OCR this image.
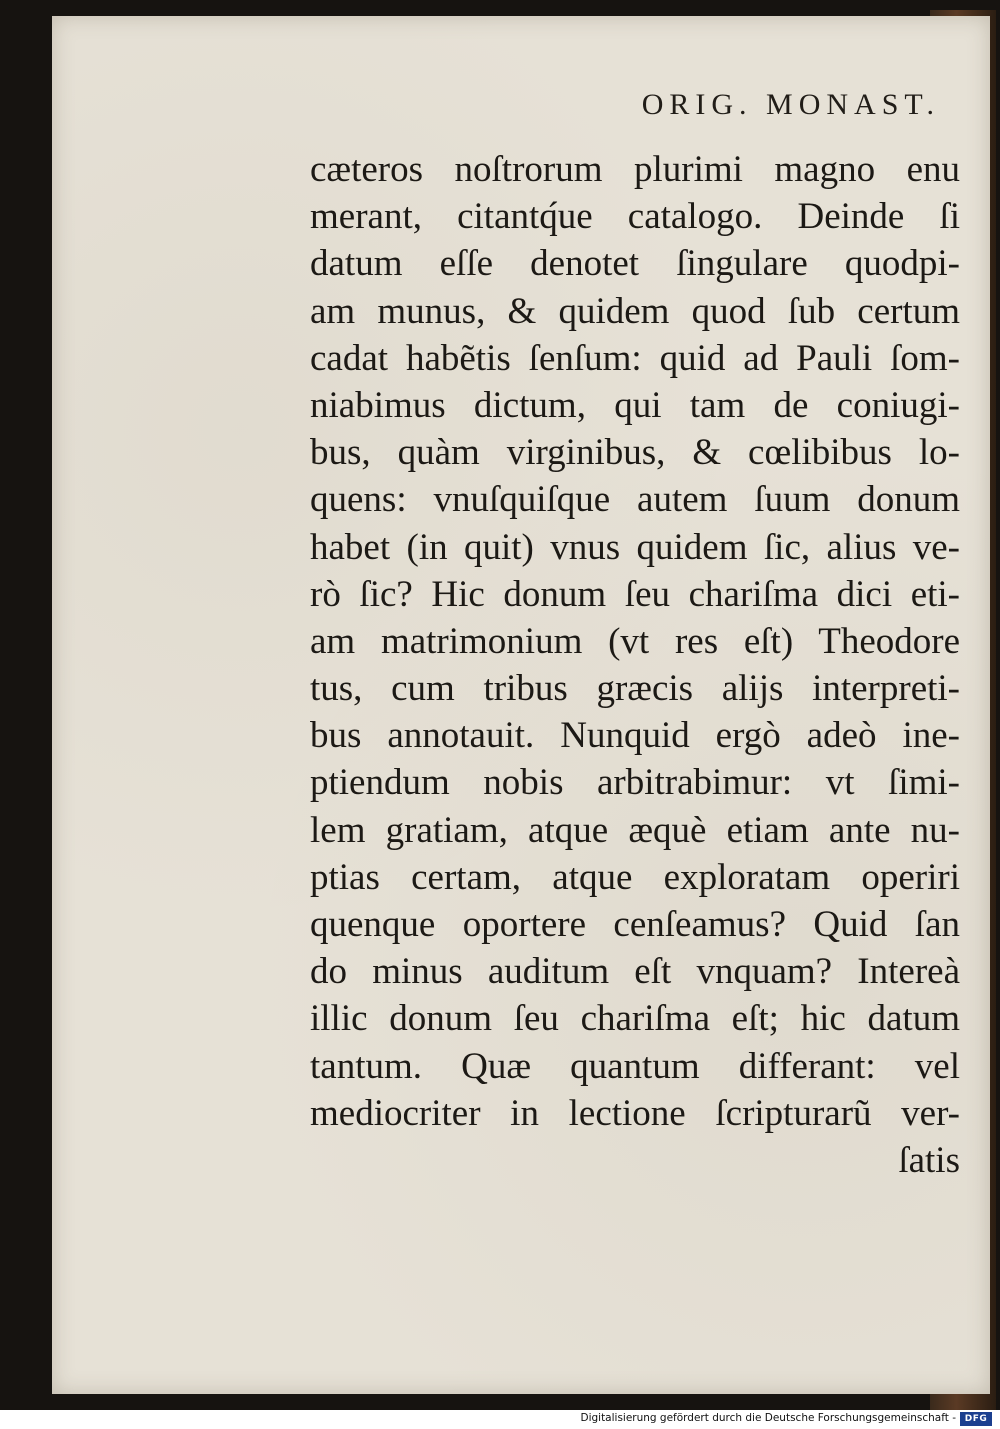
ORIG. MONAST.
cæteros noſtrorum plurimi magno enu
merant, citantq́ue catalogo. Deinde ſi
datum eſſe denotet ſingulare quodpi-
am munus, & quidem quod ſub certum
cadat habẽtis ſenſum: quid ad Pauli ſom-
niabimus dictum, qui tam de coniugi-
bus, quàm virginibus, & cœlibibus lo-
quens: vnuſquiſque autem ſuum donum
habet (in quit) vnus quidem ſic, alius ve-
rò ſic? Hic donum ſeu chariſma dici eti-
am matrimonium (vt res eſt) Theodore
tus, cum tribus græcis alijs interpreti-
bus annotauit. Nunquid ergò adeò ine-
ptiendum nobis arbitrabimur: vt ſimi-
lem gratiam, atque æquè etiam ante nu-
ptias certam, atque exploratam operiri
quenque oportere cenſeamus? Quid ſan
do minus auditum eſt vnquam? Intereà
illic donum ſeu chariſma eſt; hic datum
tantum. Quæ quantum differant: vel
mediocriter in lectione ſcripturarũ ver-
ſatis
Digitalisierung gefördert durch die Deutsche Forschungsgemeinschaft - DFG
